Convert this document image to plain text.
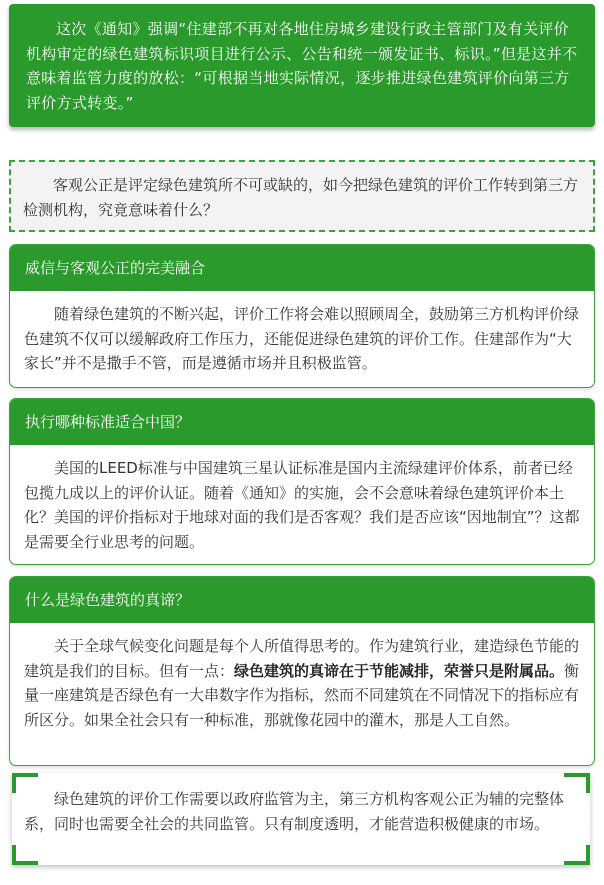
这次《通知》强调“住建部不再对各地住房城乡建设行政主管部门及有关评价机构审定的绿色建筑标识项目进行公示、公告和统一颁发证书、标识。”但是这并不意味着监管力度的放松：“可根据当地实际情况，逐步推进绿色建筑评价向第三方评价方式转变。”
客观公正是评定绿色建筑所不可或缺的，如今把绿色建筑的评价工作转到第三方检测机构，究竟意味着什么？
威信与客观公正的完美融合
随着绿色建筑的不断兴起，评价工作将会难以照顾周全，鼓励第三方机构评价绿色建筑不仅可以缓解政府工作压力，还能促进绿色建筑的评价工作。住建部作为“大家长”并不是撒手不管，而是遵循市场并且积极监管。
执行哪种标准适合中国？
美国的LEED标准与中国建筑三星认证标准是国内主流绿建评价体系，前者已经包揽九成以上的评价认证。随着《通知》的实施，会不会意味着绿色建筑评价本土化？美国的评价指标对于地球对面的我们是否客观？我们是否应该“因地制宜”？这都是需要全行业思考的问题。
什么是绿色建筑的真谛？
关于全球气候变化问题是每个人所值得思考的。作为建筑行业，建造绿色节能的建筑是我们的目标。但有一点：绿色建筑的真谛在于节能减排，荣誉只是附属品。衡量一座建筑是否绿色有一大串数字作为指标，然而不同建筑在不同情况下的指标应有所区分。如果全社会只有一种标准，那就像花园中的灌木，那是人工自然。
绿色建筑的评价工作需要以政府监管为主，第三方机构客观公正为辅的完整体系，同时也需要全社会的共同监管。只有制度透明，才能营造积极健康的市场。
